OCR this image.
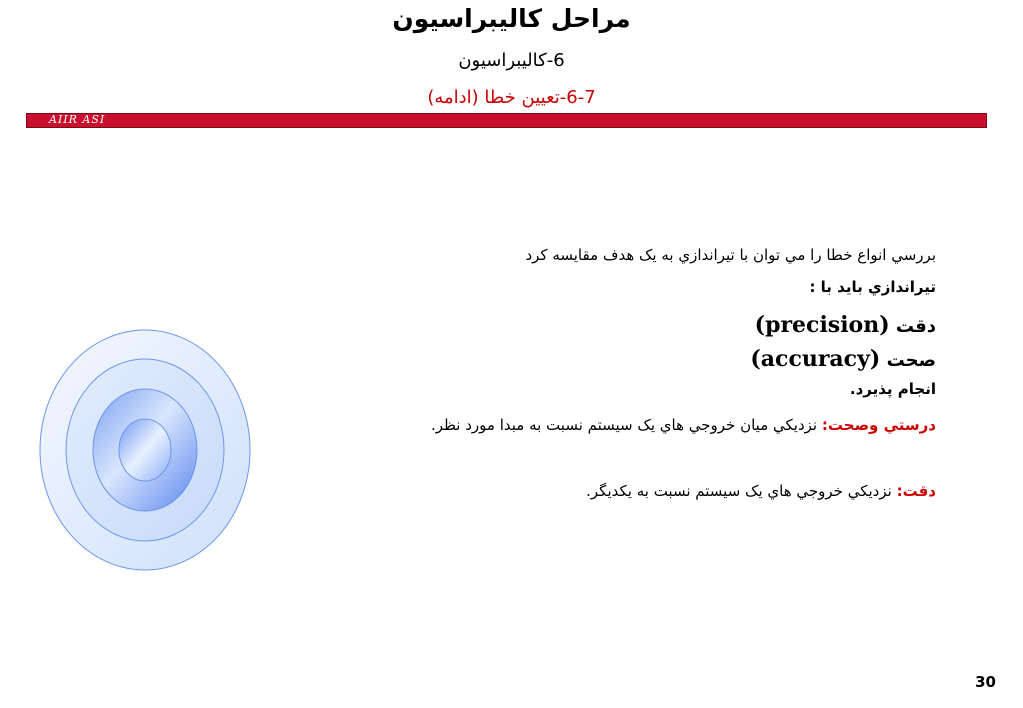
مراحل کاليبراسيون
6-کاليبراسيون
6-7-تعيين خطا (ادامه)
AIIR ASI
بررسي انواع خطا را مي توان با تيراندازي به يک هدف مقايسه کرد
تيراندازي بايد با :
دقت (precision)
صحت (accuracy)
انجام پذيرد.
درستي وصحت: نزديکي ميان خروجي هاي يک سيستم نسبت به مبدا مورد نظر.
دقت: نزديکي خروجي هاي يک سيستم نسبت به يکديگر.
30
